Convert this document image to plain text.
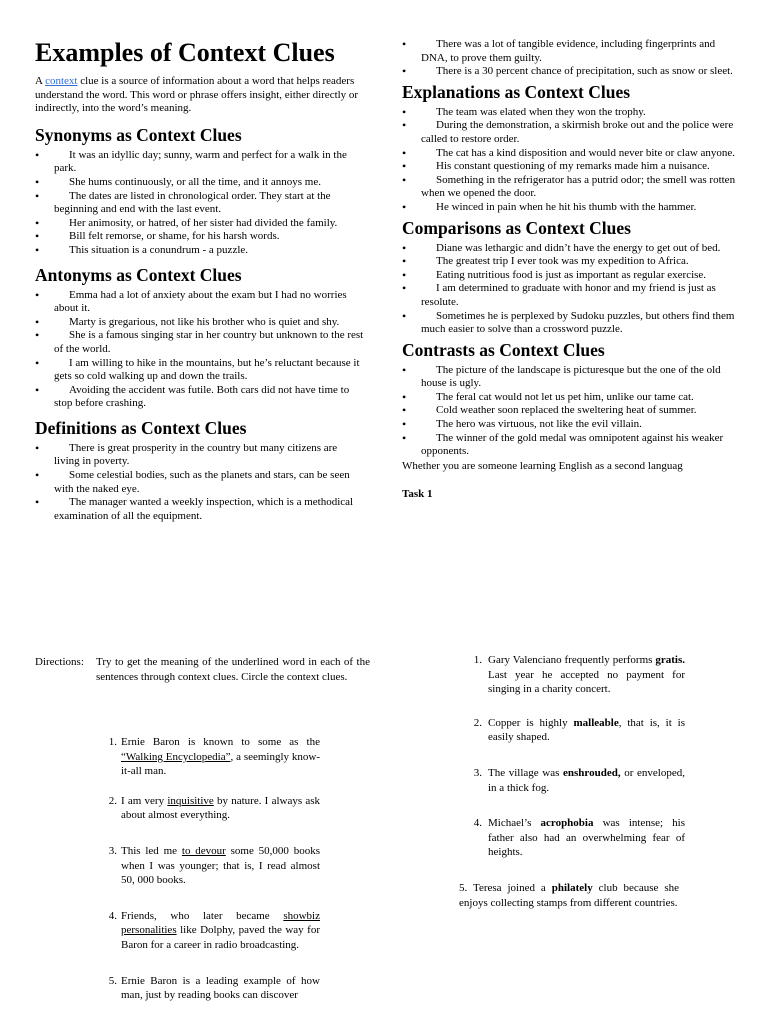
Examples of Context Clues

A context clue is a source of information about a word that helps readers understand the word. This word or phrase offers insight, either directly or indirectly, into the word’s meaning.

Synonyms as Context Clues
• It was an idyllic day; sunny, warm and perfect for a walk in the park.
• She hums continuously, or all the time, and it annoys me.
• The dates are listed in chronological order. They start at the beginning and end with the last event.
• Her animosity, or hatred, of her sister had divided the family.
• Bill felt remorse, or shame, for his harsh words.
• This situation is a conundrum - a puzzle.
Antonyms as Context Clues
• Emma had a lot of anxiety about the exam but I had no worries about it.
• Marty is gregarious, not like his brother who is quiet and shy.
• She is a famous singing star in her country but unknown to the rest of the world.
• I am willing to hike in the mountains, but he’s reluctant because it gets so cold walking up and down the trails.
• Avoiding the accident was futile. Both cars did not have time to stop before crashing.
Definitions as Context Clues
• There is great prosperity in the country but many citizens are living in poverty.
• Some celestial bodies, such as the planets and stars, can be seen with the naked eye.
• The manager wanted a weekly inspection, which is a methodical examination of all the equipment.
• There was a lot of tangible evidence, including fingerprints and DNA, to prove them guilty.
• There is a 30 percent chance of precipitation, such as snow or sleet.
Explanations as Context Clues
• The team was elated when they won the trophy.
• During the demonstration, a skirmish broke out and the police were called to restore order.
• The cat has a kind disposition and would never bite or claw anyone.
• His constant questioning of my remarks made him a nuisance.
• Something in the refrigerator has a putrid odor; the smell was rotten when we opened the door.
• He winced in pain when he hit his thumb with the hammer.
Comparisons as Context Clues
• Diane was lethargic and didn’t have the energy to get out of bed.
• The greatest trip I ever took was my expedition to Africa.
• Eating nutritious food is just as important as regular exercise.
• I am determined to graduate with honor and my friend is just as resolute.
• Sometimes he is perplexed by Sudoku puzzles, but others find them much easier to solve than a crossword puzzle.
Contrasts as Context Clues
• The picture of the landscape is picturesque but the one of the old house is ugly.
• The feral cat would not let us pet him, unlike our tame cat.
• Cold weather soon replaced the sweltering heat of summer.
• The hero was virtuous, not like the evil villain.
• The winner of the gold medal was omnipotent against his weaker opponents.
Whether you are someone learning English as a second languag
Task 1
Directions: Try to get the meaning of the underlined word in each of the sentences through context clues. Circle the context clues.
1. Ernie Baron is known to some as the “Walking Encyclopedia”, a seemingly know-it-all man.
2. I am very inquisitive by nature. I always ask about almost everything.
3. This led me to devour some 50,000 books when I was younger; that is, I read almost 50, 000 books.
4. Friends, who later became showbiz personalities like Dolphy, paved the way for Baron for a career in radio broadcasting.
5. Ernie Baron is a leading example of how man, just by reading books can discover
1. Gary Valenciano frequently performs gratis. Last year he accepted no payment for singing in a charity concert.
2. Copper is highly malleable, that is, it is easily shaped.
3. The village was enshrouded, or enveloped, in a thick fog.
4. Michael’s acrophobia was intense; his father also had an overwhelming fear of heights.
5. Teresa joined a philately club because she enjoys collecting stamps from different countries.
